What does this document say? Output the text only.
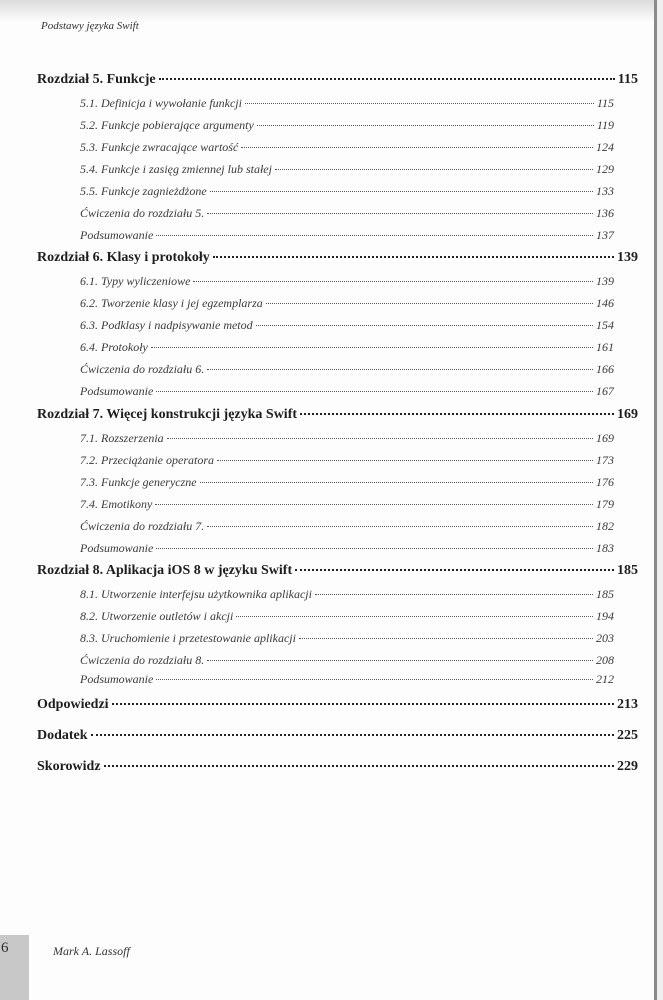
Podstawy języka Swift
Rozdział 5. Funkcje	115
5.1. Definicja i wywołanie funkcji	115
5.2. Funkcje pobierające argumenty	119
5.3. Funkcje zwracające wartość	124
5.4. Funkcje i zasięg zmiennej lub stałej	129
5.5. Funkcje zagnieżdżone	133
Ćwiczenia do rozdziału 5.	136
Podsumowanie	137
Rozdział 6. Klasy i protokoły	139
6.1. Typy wyliczeniowe	139
6.2. Tworzenie klasy i jej egzemplarza	146
6.3. Podklasy i nadpisywanie metod	154
6.4. Protokoły	161
Ćwiczenia do rozdziału 6.	166
Podsumowanie	167
Rozdział 7. Więcej konstrukcji języka Swift	169
7.1. Rozszerzenia	169
7.2. Przeciążanie operatora	173
7.3. Funkcje generyczne	176
7.4. Emotikony	179
Ćwiczenia do rozdziału 7.	182
Podsumowanie	183
Rozdział 8. Aplikacja iOS 8 w języku Swift	185
8.1. Utworzenie interfejsu użytkownika aplikacji	185
8.2. Utworzenie outletów i akcji	194
8.3. Uruchomienie i przetestowanie aplikacji	203
Ćwiczenia do rozdziału 8.	208
Podsumowanie	212
Odpowiedzi	213
Dodatek	225
Skorowidz	229
6	Mark A. Lassoff
